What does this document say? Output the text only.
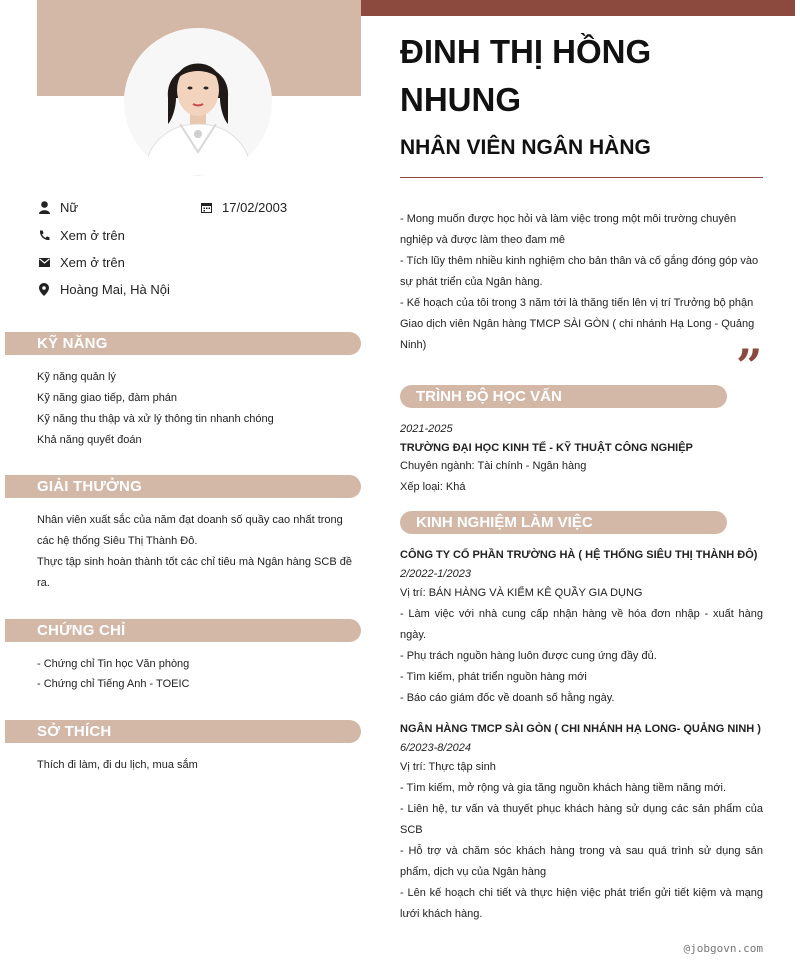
Nữ	17/02/2003
Xem ở trên
Xem ở trên
Hoàng Mai, Hà Nội
KỸ NĂNG
Kỹ năng quản lý
Kỹ năng giao tiếp, đàm phán
Kỹ năng thu thập và xử lý thông tin nhanh chóng
Khả năng quyết đoán
GIẢI THƯỞNG
Nhân viên xuất sắc của năm đạt doanh số quầy cao nhất trong các hệ thống Siêu Thị Thành Đô.
Thực tập sinh hoàn thành tốt các chỉ tiêu mà Ngân hàng SCB đề ra.
CHỨNG CHỈ
- Chứng chỉ Tin học Văn phòng
- Chứng chỉ Tiếng Anh - TOEIC
SỞ THÍCH
Thích đi làm, đi du lịch, mua sắm
ĐINH THỊ HỒNG NHUNG
NHÂN VIÊN NGÂN HÀNG
- Mong muốn được học hỏi và làm việc trong một môi trường chuyên nghiệp và được làm theo đam mê
- Tích lũy thêm nhiều kinh nghiệm cho bản thân và cố gắng đóng góp vào sự phát triển của Ngân hàng.
- Kế hoạch của tôi trong 3 năm tới là thăng tiến lên vị trí Trưởng bộ phận Giao dịch viên Ngân hàng TMCP SÀI GÒN ( chi nhánh Hạ Long - Quảng Ninh)	”
TRÌNH ĐỘ HỌC VẤN
2021-2025
TRƯỜNG ĐẠI HỌC KINH TẾ - KỸ THUẬT CÔNG NGHIỆP
Chuyên ngành: Tài chính - Ngân hàng
Xếp loại: Khá
KINH NGHIỆM LÀM VIỆC
CÔNG TY CỔ PHẦN TRƯỜNG HÀ ( HỆ THỐNG SIÊU THỊ THÀNH ĐÔ)
2/2022-1/2023
Vị trí: BÁN HÀNG VÀ KIỂM KÊ QUẦY GIA DỤNG
- Làm việc với nhà cung cấp nhận hàng về hóa đơn nhập - xuất hàng ngày.
- Phụ trách nguồn hàng luôn được cung ứng đầy đủ.
- Tìm kiếm, phát triển nguồn hàng mới
- Báo cáo giám đốc về doanh số hằng ngày.
NGÂN HÀNG TMCP SÀI GÒN ( CHI NHÁNH HẠ LONG- QUẢNG NINH )
6/2023-8/2024
Vị trí: Thực tập sinh
- Tìm kiếm, mở rộng và gia tăng nguồn khách hàng tiềm năng mới.
- Liên hệ, tư vấn và thuyết phục khách hàng sử dụng các sản phẩm của SCB
- Hỗ trợ và chăm sóc khách hàng trong và sau quá trình sử dụng sản phẩm, dịch vụ của Ngân hàng
- Lên kế hoạch chi tiết và thực hiện việc phát triển gửi tiết kiệm và mạng lưới khách hàng.
@jobgovn.com
